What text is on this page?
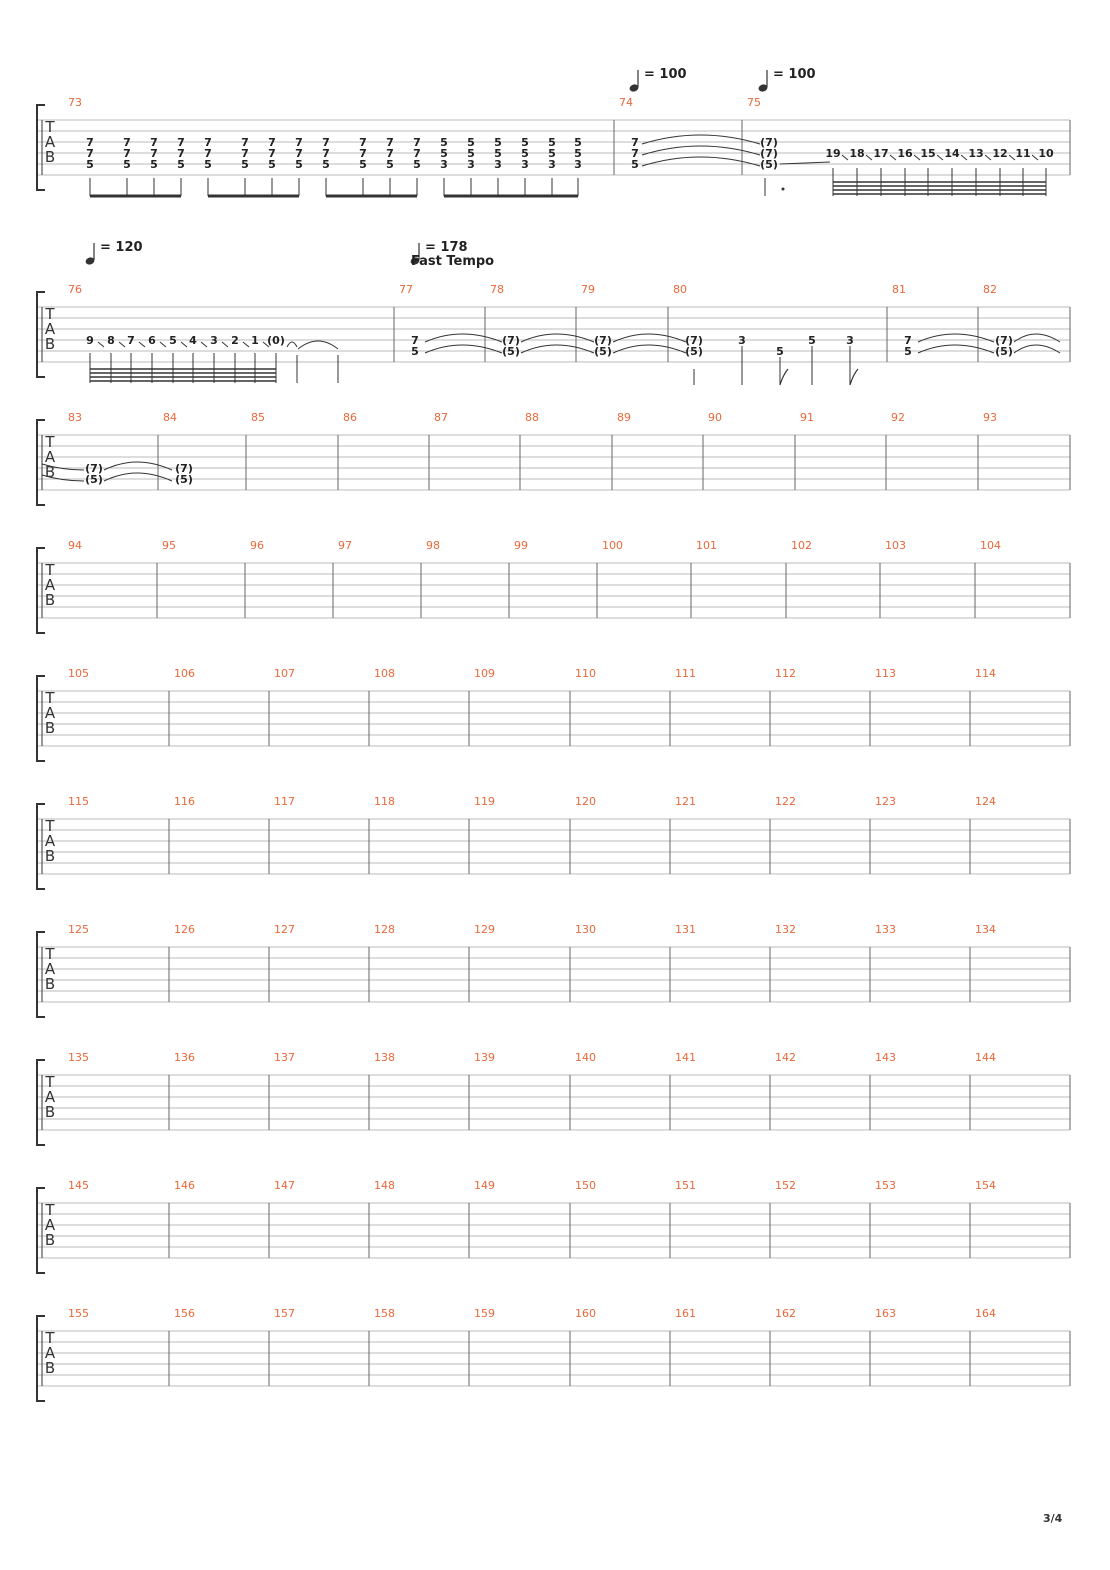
T
A
B
73	74	75
T
A
B
76	77	78	79	80	81	82
T
A
B
83	84	85	86	87	88	89	90	91	92	93
T
A
B
94	95	96	97	98	99	100	101	102	103	104
T
A
B
105	106	107	108	109	110	111	112	113	114
T
A
B
115	116	117	118	119	120	121	122	123	124
T
A
B
125	126	127	128	129	130	131	132	133	134
T
A
B
135	136	137	138	139	140	141	142	143	144
T
A
B
145	146	147	148	149	150	151	152	153	154
T
A
B
155	156	157	158	159	160	161	162	163	164
= 100	= 100
= 120	= 178
Fast Tempo
7
7
5
7
7
5
7
7
5
7
7
5
7
7
5
7
7
5
7
7
5
7
7
5
7
7
5
7
7
5
7
7
5
7
7
5
5
5
3
5
5
3
5
5
3
5
5
3
5
5
3
5
5
3
7
7
5
(7)
(7)
(5)
19 18 17 16 15 14 13 12 11 10
9 8 7 6 5 4 3 2 1 (0)	7
5
(7)
(5)
(7)
(5)
(7)
(5)
3
5
5	3	7
5
(7)
(5)
(7)
(5)
(7)
(5)
3/4
